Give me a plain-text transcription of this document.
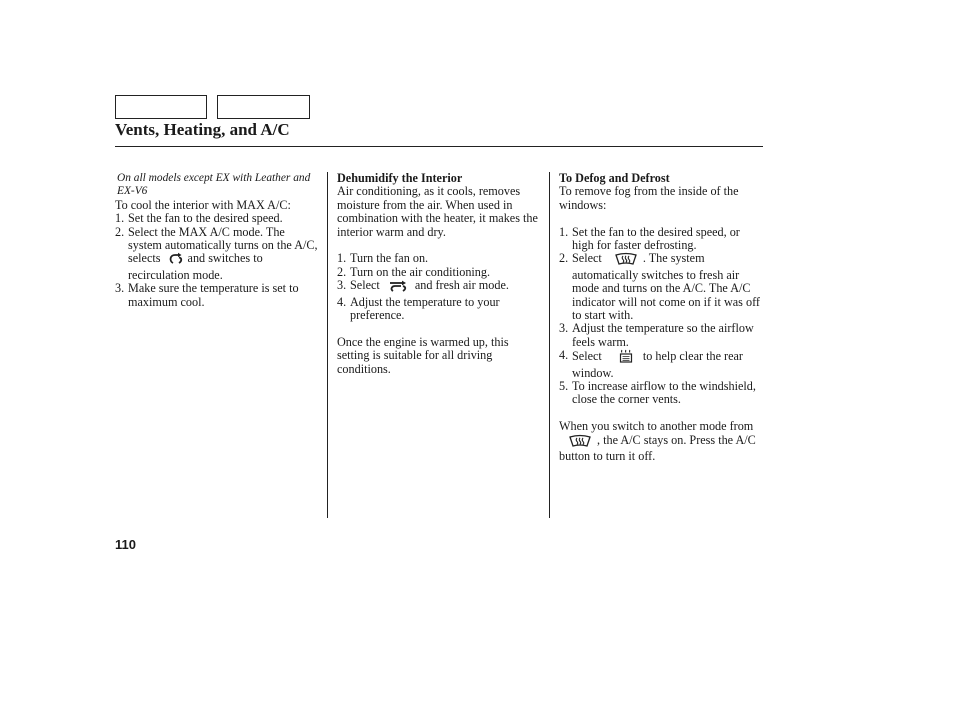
Vents, Heating, and A/C

On all models except EX with Leather and EX-V6

To cool the interior with MAX A/C:

1. Set the fan to the desired speed.
2. Select the MAX A/C mode. The system automatically turns on the A/C, selects and switches to recirculation mode.
3. Make sure the temperature is set to maximum cool.

Dehumidify the Interior

Air conditioning, as it cools, removes moisture from the air. When used in combination with the heater, it makes the interior warm and dry.

1. Turn the fan on.
2. Turn on the air conditioning.
3. Select	and fresh air mode.
4. Adjust the temperature to your preference.

Once the engine is warmed up, this setting is suitable for all driving conditions.

To Defog and Defrost

To remove fog from the inside of the windows:

1. Set the fan to the desired speed, or high for faster defrosting.
2. Select	. The system automatically switches to fresh air mode and turns on the A/C. The A/C indicator will not come on if it was off to start with.
3. Adjust the temperature so the airflow feels warm.
4. Select	to help clear the rear window.
5. To increase airflow to the windshield, close the corner vents.

When you switch to another mode from , the A/C stays on. Press the A/C button to turn it off.

110
